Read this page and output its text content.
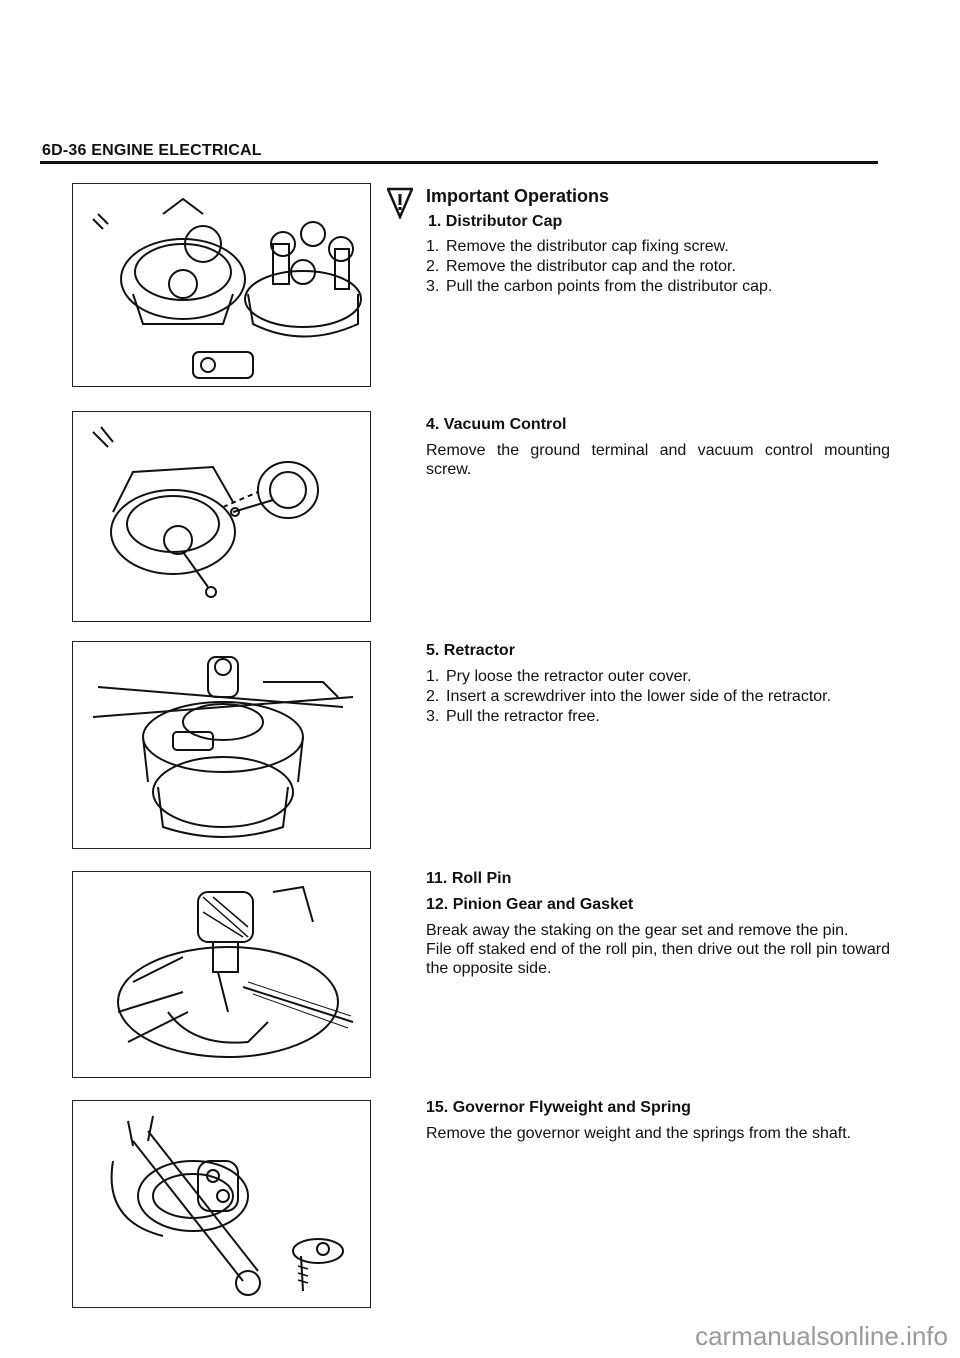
6D-36 ENGINE ELECTRICAL
Important Operations
1. Distributor Cap
1. Remove the distributor cap fixing screw.
2. Remove the distributor cap and the rotor.
3. Pull the carbon points from the distributor cap.
4. Vacuum Control
Remove the ground terminal and vacuum control mounting screw.
5. Retractor
1. Pry loose the retractor outer cover.
2. Insert a screwdriver into the lower side of the retractor.
3. Pull the retractor free.
11. Roll Pin
12. Pinion Gear and Gasket
Break away the staking on the gear set and remove the pin.
File off staked end of the roll pin, then drive out the roll pin toward the opposite side.
15. Governor Flyweight and Spring
Remove the governor weight and the springs from the shaft.
carmanualsonline.info
